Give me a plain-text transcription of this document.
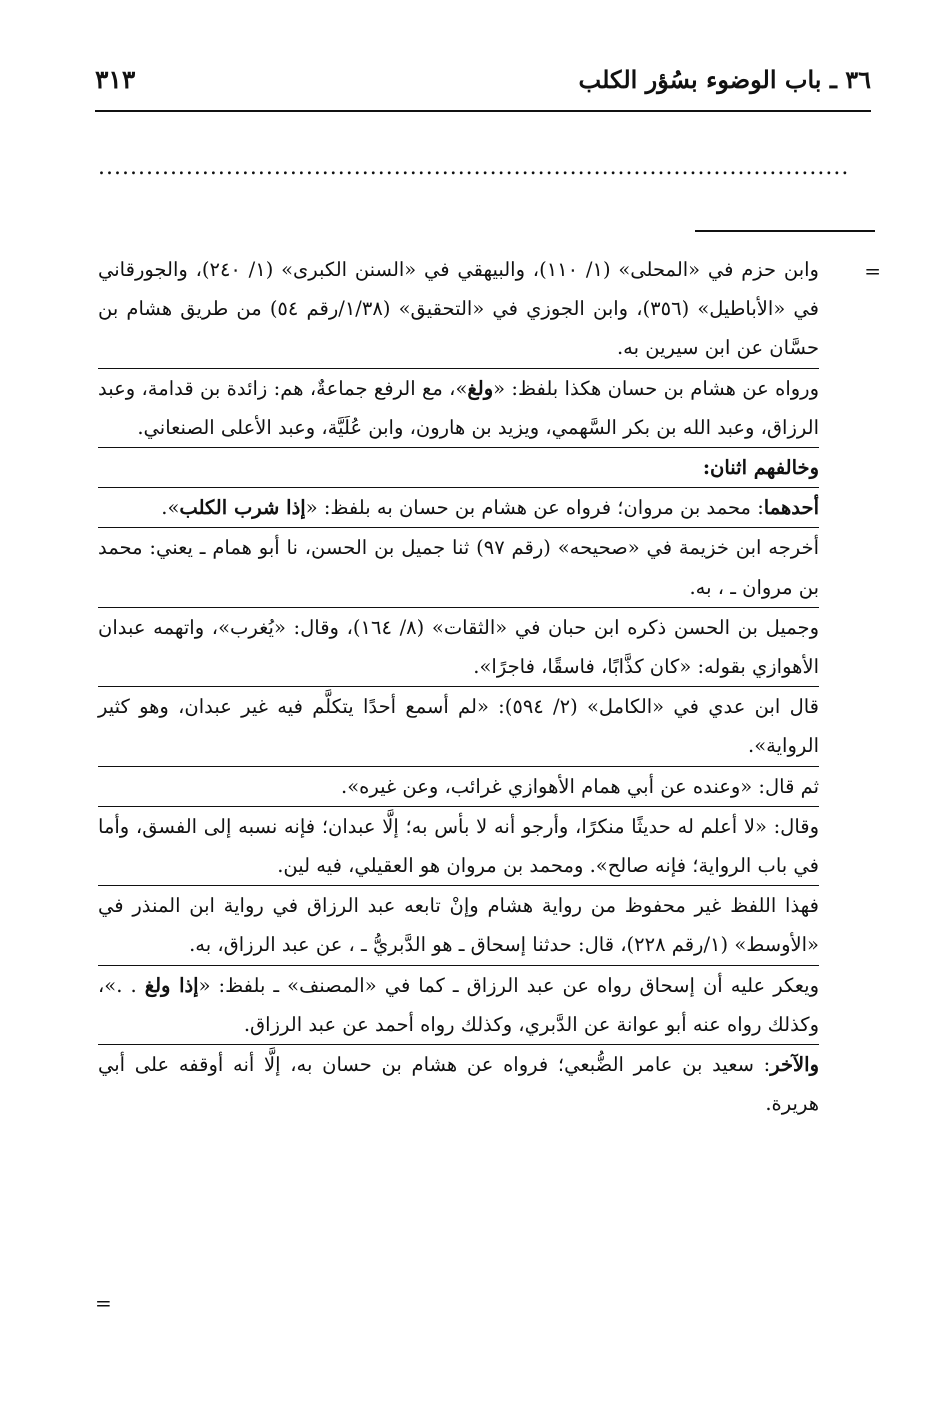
٣٦ ـ باب الوضوء بسُؤر الكلب
٣١٣
..............................................................................................
=

وابن حزم في «المحلى» (١/ ١١٠)، والبيهقي في «السنن الكبرى» (١/ ٢٤٠)، والجورقاني في «الأباطيل» (٣٥٦)، وابن الجوزي في «التحقيق» (١/٣٨/رقم ٥٤) من طريق هشام بن حسَّان عن ابن سيرين به.

ورواه عن هشام بن حسان هكذا بلفظ: «ولغ»، مع الرفع جماعةٌ، هم: زائدة بن قدامة، وعبد الرزاق، وعبد الله بن بكر السَّهمي، ويزيد بن هارون، وابن عُلَيَّة، وعبد الأعلى الصنعاني.

وخالفهم اثنان:

أحدهما: محمد بن مروان؛ فرواه عن هشام بن حسان به بلفظ: «إذا شرب الكلب».

أخرجه ابن خزيمة في «صحيحه» (رقم ٩٧) ثنا جميل بن الحسن، نا أبو همام ـ يعني: محمد بن مروان ـ ، به.

وجميل بن الحسن ذكره ابن حبان في «الثقات» (٨/ ١٦٤)، وقال: «يُغرب»، واتهمه عبدان الأهوازي بقوله: «كان كذَّابًا، فاسقًا، فاجرًا».

قال ابن عدي في «الكامل» (٢/ ٥٩٤): «لم أسمع أحدًا يتكلَّم فيه غير عبدان، وهو كثير الرواية».

ثم قال: «وعنده عن أبي همام الأهوازي غرائب، وعن غيره».

وقال: «لا أعلم له حديثًا منكرًا، وأرجو أنه لا بأس به؛ إلَّا عبدان؛ فإنه نسبه إلى الفسق، وأما في باب الرواية؛ فإنه صالح». ومحمد بن مروان هو العقيلي، فيه لين.

فهذا اللفظ غير محفوظ من رواية هشام وإنْ تابعه عبد الرزاق في رواية ابن المنذر في «الأوسط» (١/رقم ٢٢٨)، قال: حدثنا إسحاق ـ هو الدَّبريُّ ـ ، عن عبد الرزاق، به.

ويعكر عليه أن إسحاق رواه عن عبد الرزاق ـ كما في «المصنف» ـ بلفظ: «إذا ولغ . .»، وكذلك رواه عنه أبو عوانة عن الدَّبري، وكذلك رواه أحمد عن عبد الرزاق.

والآخر: سعيد بن عامر الضُّبعي؛ فرواه عن هشام بن حسان به، إلَّا أنه أوقفه على أبي هريرة.

=
